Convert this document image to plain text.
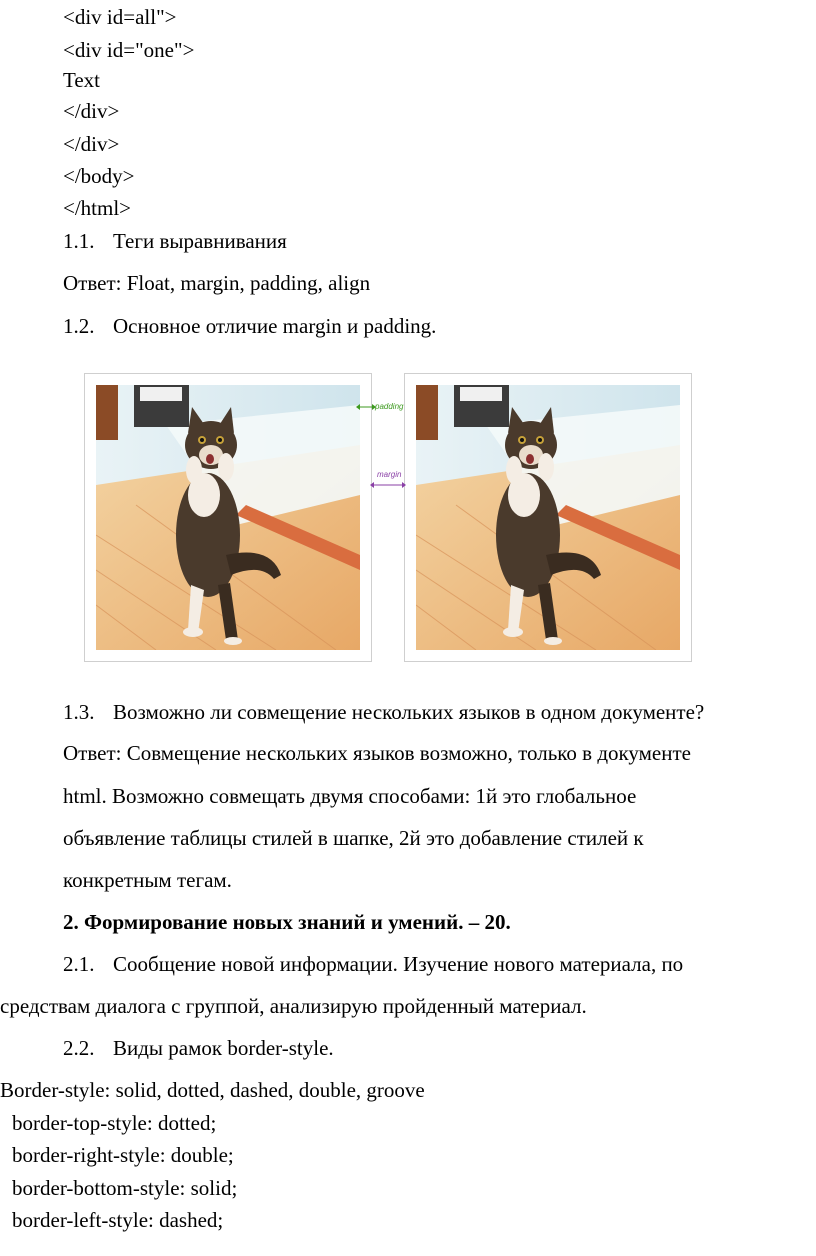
<div id=all">
<div id="one">
Text
</div>
</div>
</body>
</html>
1.1. Теги выравнивания
Ответ: Float, margin, padding, align
1.2. Основное отличие margin и padding.
padding
margin
1.3. Возможно ли совмещение нескольких языков в одном документе?
Ответ: Совмещение нескольких языков возможно, только в документе
html. Возможно совмещать двумя способами: 1й это глобальное
объявление таблицы стилей в шапке, 2й это добавление стилей к
конкретным тегам.
2. Формирование новых знаний и умений. – 20.
2.1. Сообщение новой информации. Изучение нового материала, по
средствам диалога с группой, анализирую пройденный материал.
2.2. Виды рамок border-style.
Border-style: solid, dotted, dashed, double, groove
border-top-style: dotted;
border-right-style: double;
border-bottom-style: solid;
border-left-style: dashed;
